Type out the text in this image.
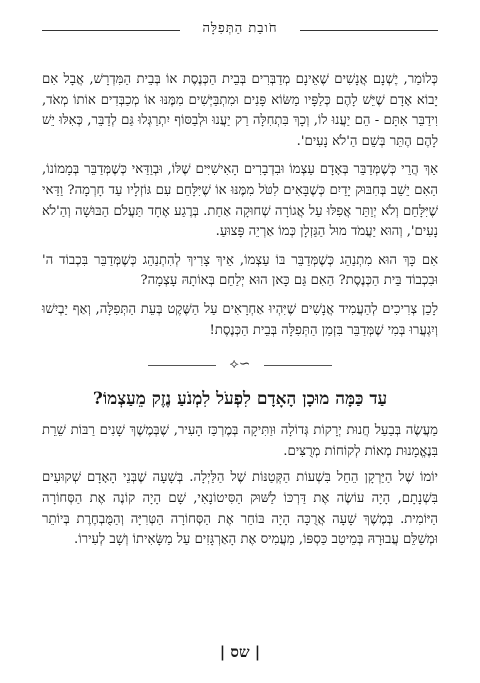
חֹובַת הַתְּפִלָּה

כְּלוֹמַר, יֶשְׁנָם אֲנָשִׁים שֶׁאֵינָם מְדַבְּרִים בְּבֵית הַכְּנֶסֶת אוֹ בְּבֵית הַמִּדְרָשׁ, אֲבָל אִם יָבוֹא אָדָם שֶׁיֵּשׁ לָהֶם כְּלַפָּיו מַשּׂוֹא פָּנִים וּמִתְבַּיְּשִׁים מִמֶּנּוּ אוֹ מְכַבְּדִים אוֹתוֹ מְאֹד, וִידַבֵּר אִתָּם - הֵם יַעֲנוּ לוֹ, וְכָךְ בִּתְחִלָּה רַק יַעֲנוּ וּלְבַסּוֹף יִתְרַגְּלוּ גַּם לְדַבֵּר, כְּאִלּוּ יֵשׁ לָהֶם הֶתֵּר בְּשֵׁם הַ'לֹא נָעִים'.

אַךְ הֲרֵי כְּשֶׁמְּדַבֵּר בְּאָדָם עַצְמוֹ וּבִדְבָרִים הָאִישִׁיִּים שֶׁלּוֹ, וּבְוַדַּאי כְּשֶׁמְּדַבֵּר בְּמָמוֹנוֹ, הַאִם יֵשֵׁב בְּחִבּוּק יָדַיִם כְּשֶׁבָּאִים לִטֹּל מִמֶּנּוּ אוֹ שֶׁיִּלָּחֵם עִם גּוֹזְלָיו עַד חָרְמָה? וַדַּאי שֶׁיִּלָּחֵם וְלֹא יְוַתֵּר אֲפִלּוּ עַל אֲגוֹרָה שְׁחוּקָה אַחַת. בְּרֶגַע אֶחָד תַּעֲלֹם הַבּוּשָׁה וְהַ'לֹא נָעִים', וְהוּא יַעֲמֹד מוּל הַגַּזְלָן כְּמוֹ אַרְיֵה פָּצוּעַ.

אִם כָּךְ הוּא מִתְנַהֵג כְּשֶׁמְּדַבֵּר בּוֹ עַצְמוֹ, אֵיךְ צָרִיךְ לְהִתְנַהֵג כְּשֶׁמְּדַבֵּר בִּכְבוֹד ה' וּבִכְבוֹד בֵּית הַכְּנֶסֶת? הַאִם גַּם כָּאן הוּא יְלַחֵם בְּאוֹתָהּ עָצְמָה?

לָכֵן צְרִיכִים לְהַעֲמִיד אֲנָשִׁים שֶׁיִּהְיוּ אַחְרָאִים עַל הַשֶּׁקֶט בְּעֵת הַתְּפִלָּה, וְאַף יַבְיִשׁוּ וְיִגְעֲרוּ בְּמִי שֶׁמְּדַבֵּר בִּזְמַן הַתְּפִלָּה בְּבֵית הַכְּנֶסֶת!

⟡∽
עַד כַּמָּה מוּכָן הָאָדָם לִפְעֹל לִמְנֹעַ נֶזֶק מֵעַצְמוֹ?

מַעֲשֶׂה בְּבַעַל חֲנוּת יְרָקוֹת גְּדוֹלָה וּוַתִּיקָה בְּמֶרְכַּז הָעִיר, שֶׁבְּמֶשֶׁךְ שָׁנִים רַבּוֹת שֵׁרֵת בִּנֶאֱמָנוּת מְאוֹת לְקוֹחוֹת מְרֻצִּים.

יוֹמוֹ שֶׁל הַיַּרְקָן הֵחֵל בִּשְׁעוֹת הַקְּטַנּוֹת שֶׁל הַלַּיְלָה. בְּשָׁעָה שֶׁבְּנֵי הָאָדָם שְׁקוּעִים בִּשְׁנָתָם, הָיָה עוֹשֶׂה אֶת דַּרְכּוֹ לַשּׁוּק הַסִּיטוֹנָאִי, שָׁם הָיָה קוֹנֶה אֶת הַסְּחוֹרָה הַיּוֹמִית. בְּמֶשֶׁךְ שָׁעָה אֲרֻכָּה הָיָה בּוֹחֵר אֶת הַסְּחוֹרָה הַטְּרִיָּה וְהַמֻּבְחֶרֶת בְּיוֹתֵר וּמְשַׁלֵּם עֲבוּרָהּ בְּמֵיטַב כַּסְפּוֹ, מַעֲמִיס אֶת הָאַרְגָּזִים עַל מַשָּׂאִיתוֹ וְשָׁב לְעִירוֹ.

| שס |
